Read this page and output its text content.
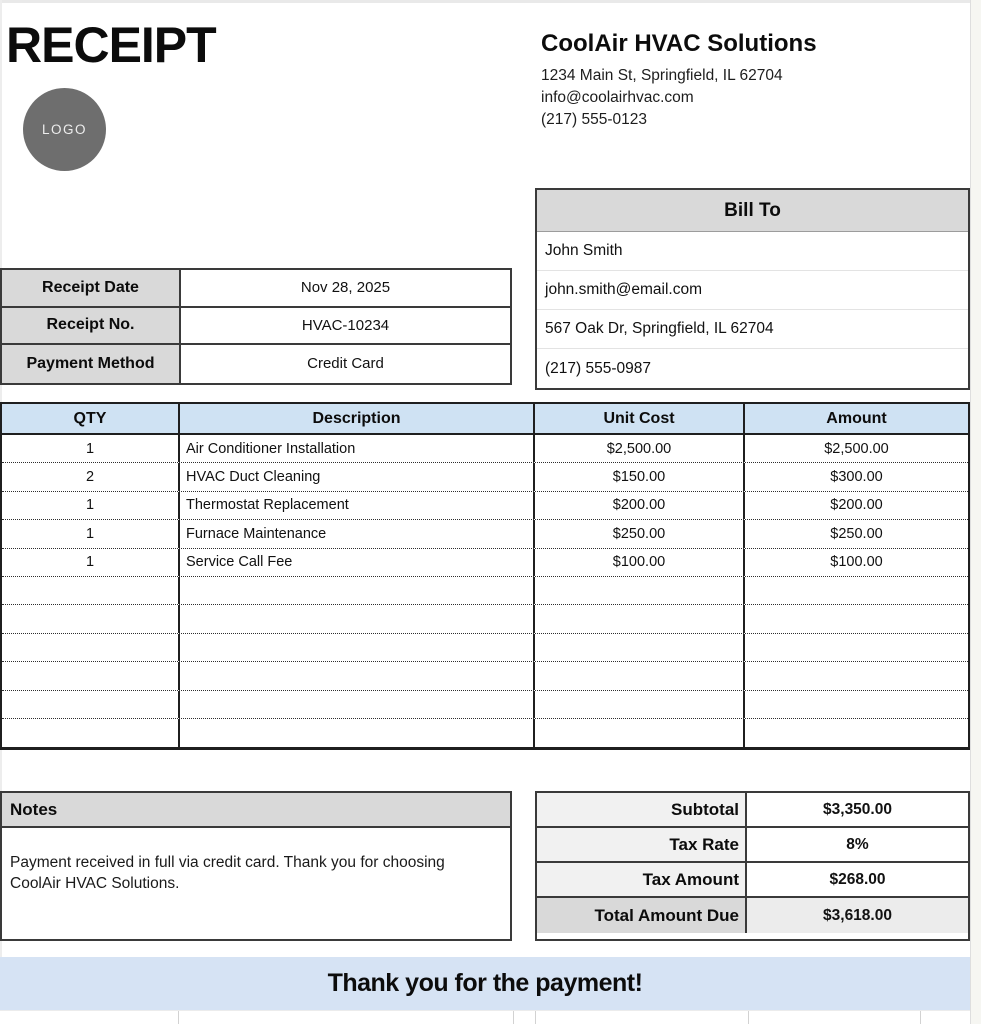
RECEIPT
LOGO
CoolAir HVAC Solutions
1234 Main St, Springfield, IL 62704
info@coolairhvac.com
(217) 555-0123
Bill To
John Smith
john.smith@email.com
567 Oak Dr, Springfield, IL 62704
(217) 555-0987
Receipt Date	Nov 28, 2025
Receipt No.	HVAC-10234
Payment Method	Credit Card
QTY	Description	Unit Cost	Amount
1	Air Conditioner Installation	$2,500.00	$2,500.00
2	HVAC Duct Cleaning	$150.00	$300.00
1	Thermostat Replacement	$200.00	$200.00
1	Furnace Maintenance	$250.00	$250.00
1	Service Call Fee	$100.00	$100.00
Notes
Payment received in full via credit card. Thank you for choosing CoolAir HVAC Solutions.
Subtotal	$3,350.00
Tax Rate	8%
Tax Amount	$268.00
Total Amount Due	$3,618.00
Thank you for the payment!
